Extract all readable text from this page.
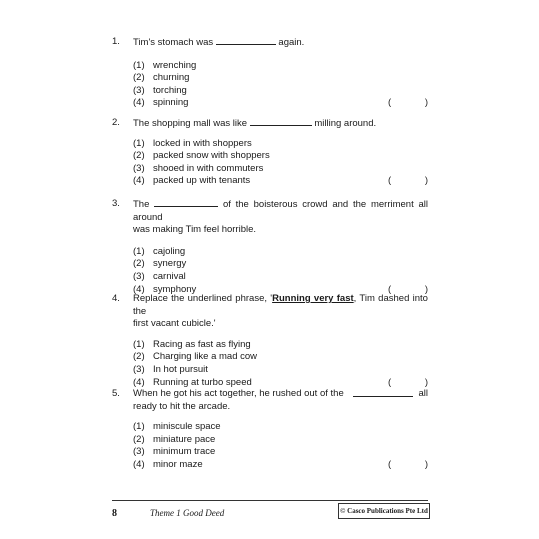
1.	Tim's stomach was	again.
(1) wrenching
(2) churning
(3) torching
(4) spinning	(	)
2.	The shopping mall was like	milling around.
(1) locked in with shoppers
(2) packed snow with shoppers
(3) shooed in with commuters
(4) packed up with tenants	(	)
3.	The	of the boisterous crowd and the merriment all around
was making Tim feel horrible.
(1) cajoling
(2) synergy
(3) carnival
(4) symphony	(	)
4.	Replace the underlined phrase, 'Running very fast, Tim dashed into the
first vacant cubicle.'
(1) Racing as fast as flying
(2) Charging like a mad cow
(3) In hot pursuit
(4) Running at turbo speed	(	)
5.	When he got his act together, he rushed out of the	all
ready to hit the arcade.
(1) miniscule space
(2) miniature pace
(3) minimum trace
(4) minor maze	(	)
8	Theme 1 Good Deed	© Casco Publications Pte Ltd
